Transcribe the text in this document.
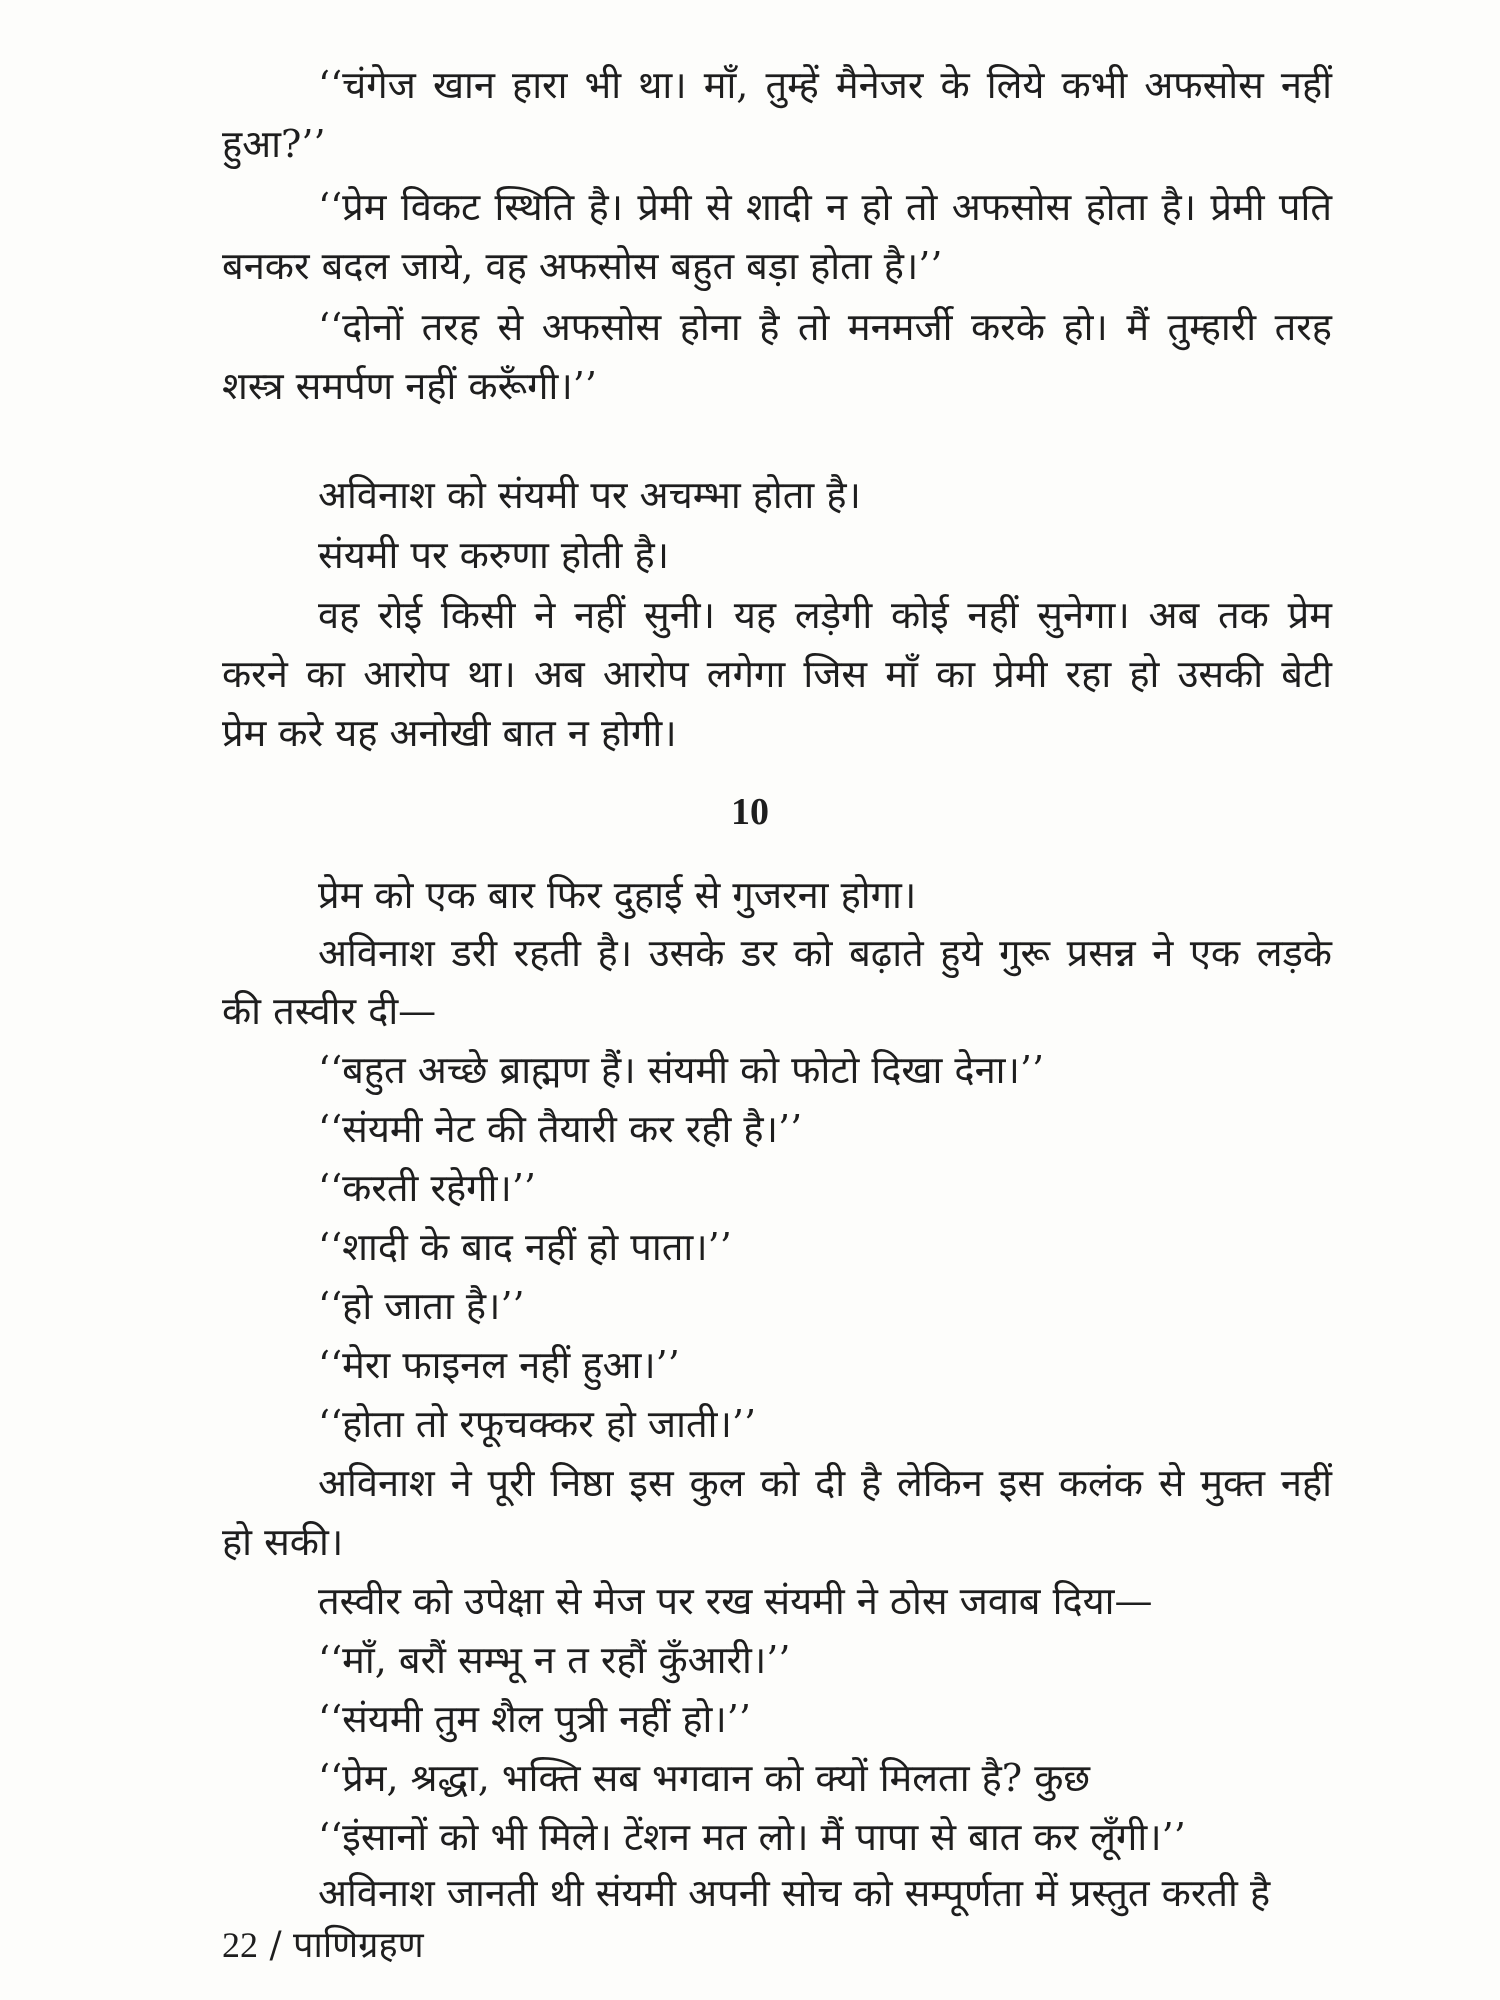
‘‘चंगेज खान हारा भी था। माँ, तुम्हें मैनेजर के लिये कभी अफसोस नहीं
हुआ?’’
‘‘प्रेम विकट स्थिति है। प्रेमी से शादी न हो तो अफसोस होता है। प्रेमी पति
बनकर बदल जाये, वह अफसोस बहुत बड़ा होता है।’’
‘‘दोनों तरह से अफसोस होना है तो मनमर्जी करके हो। मैं तुम्हारी तरह
शस्त्र समर्पण नहीं करूँगी।’’
अविनाश को संयमी पर अचम्भा होता है।
संयमी पर करुणा होती है।
वह रोई किसी ने नहीं सुनी। यह लड़ेगी कोई नहीं सुनेगा। अब तक प्रेम
करने का आरोप था। अब आरोप लगेगा जिस माँ का प्रेमी रहा हो उसकी बेटी
प्रेम करे यह अनोखी बात न होगी।
10
प्रेम को एक बार फिर दुहाई से गुजरना होगा।
अविनाश डरी रहती है। उसके डर को बढ़ाते हुये गुरू प्रसन्न ने एक लड़के
की तस्वीर दी—
‘‘बहुत अच्छे ब्राह्मण हैं। संयमी को फोटो दिखा देना।’’
‘‘संयमी नेट की तैयारी कर रही है।’’
‘‘करती रहेगी।’’
‘‘शादी के बाद नहीं हो पाता।’’
‘‘हो जाता है।’’
‘‘मेरा फाइनल नहीं हुआ।’’
‘‘होता तो रफूचक्कर हो जाती।’’
अविनाश ने पूरी निष्ठा इस कुल को दी है लेकिन इस कलंक से मुक्त नहीं
हो सकी।
तस्वीर को उपेक्षा से मेज पर रख संयमी ने ठोस जवाब दिया—
‘‘माँ, बरौं सम्भू न त रहौं कुँआरी।’’
‘‘संयमी तुम शैल पुत्री नहीं हो।’’
‘‘प्रेम, श्रद्धा, भक्ति सब भगवान को क्यों मिलता है? कुछ
‘‘इंसानों को भी मिले। टेंशन मत लो। मैं पापा से बात कर लूँगी।’’
अविनाश जानती थी संयमी अपनी सोच को सम्पूर्णता में प्रस्तुत करती है
22 / पाणिग्रहण
